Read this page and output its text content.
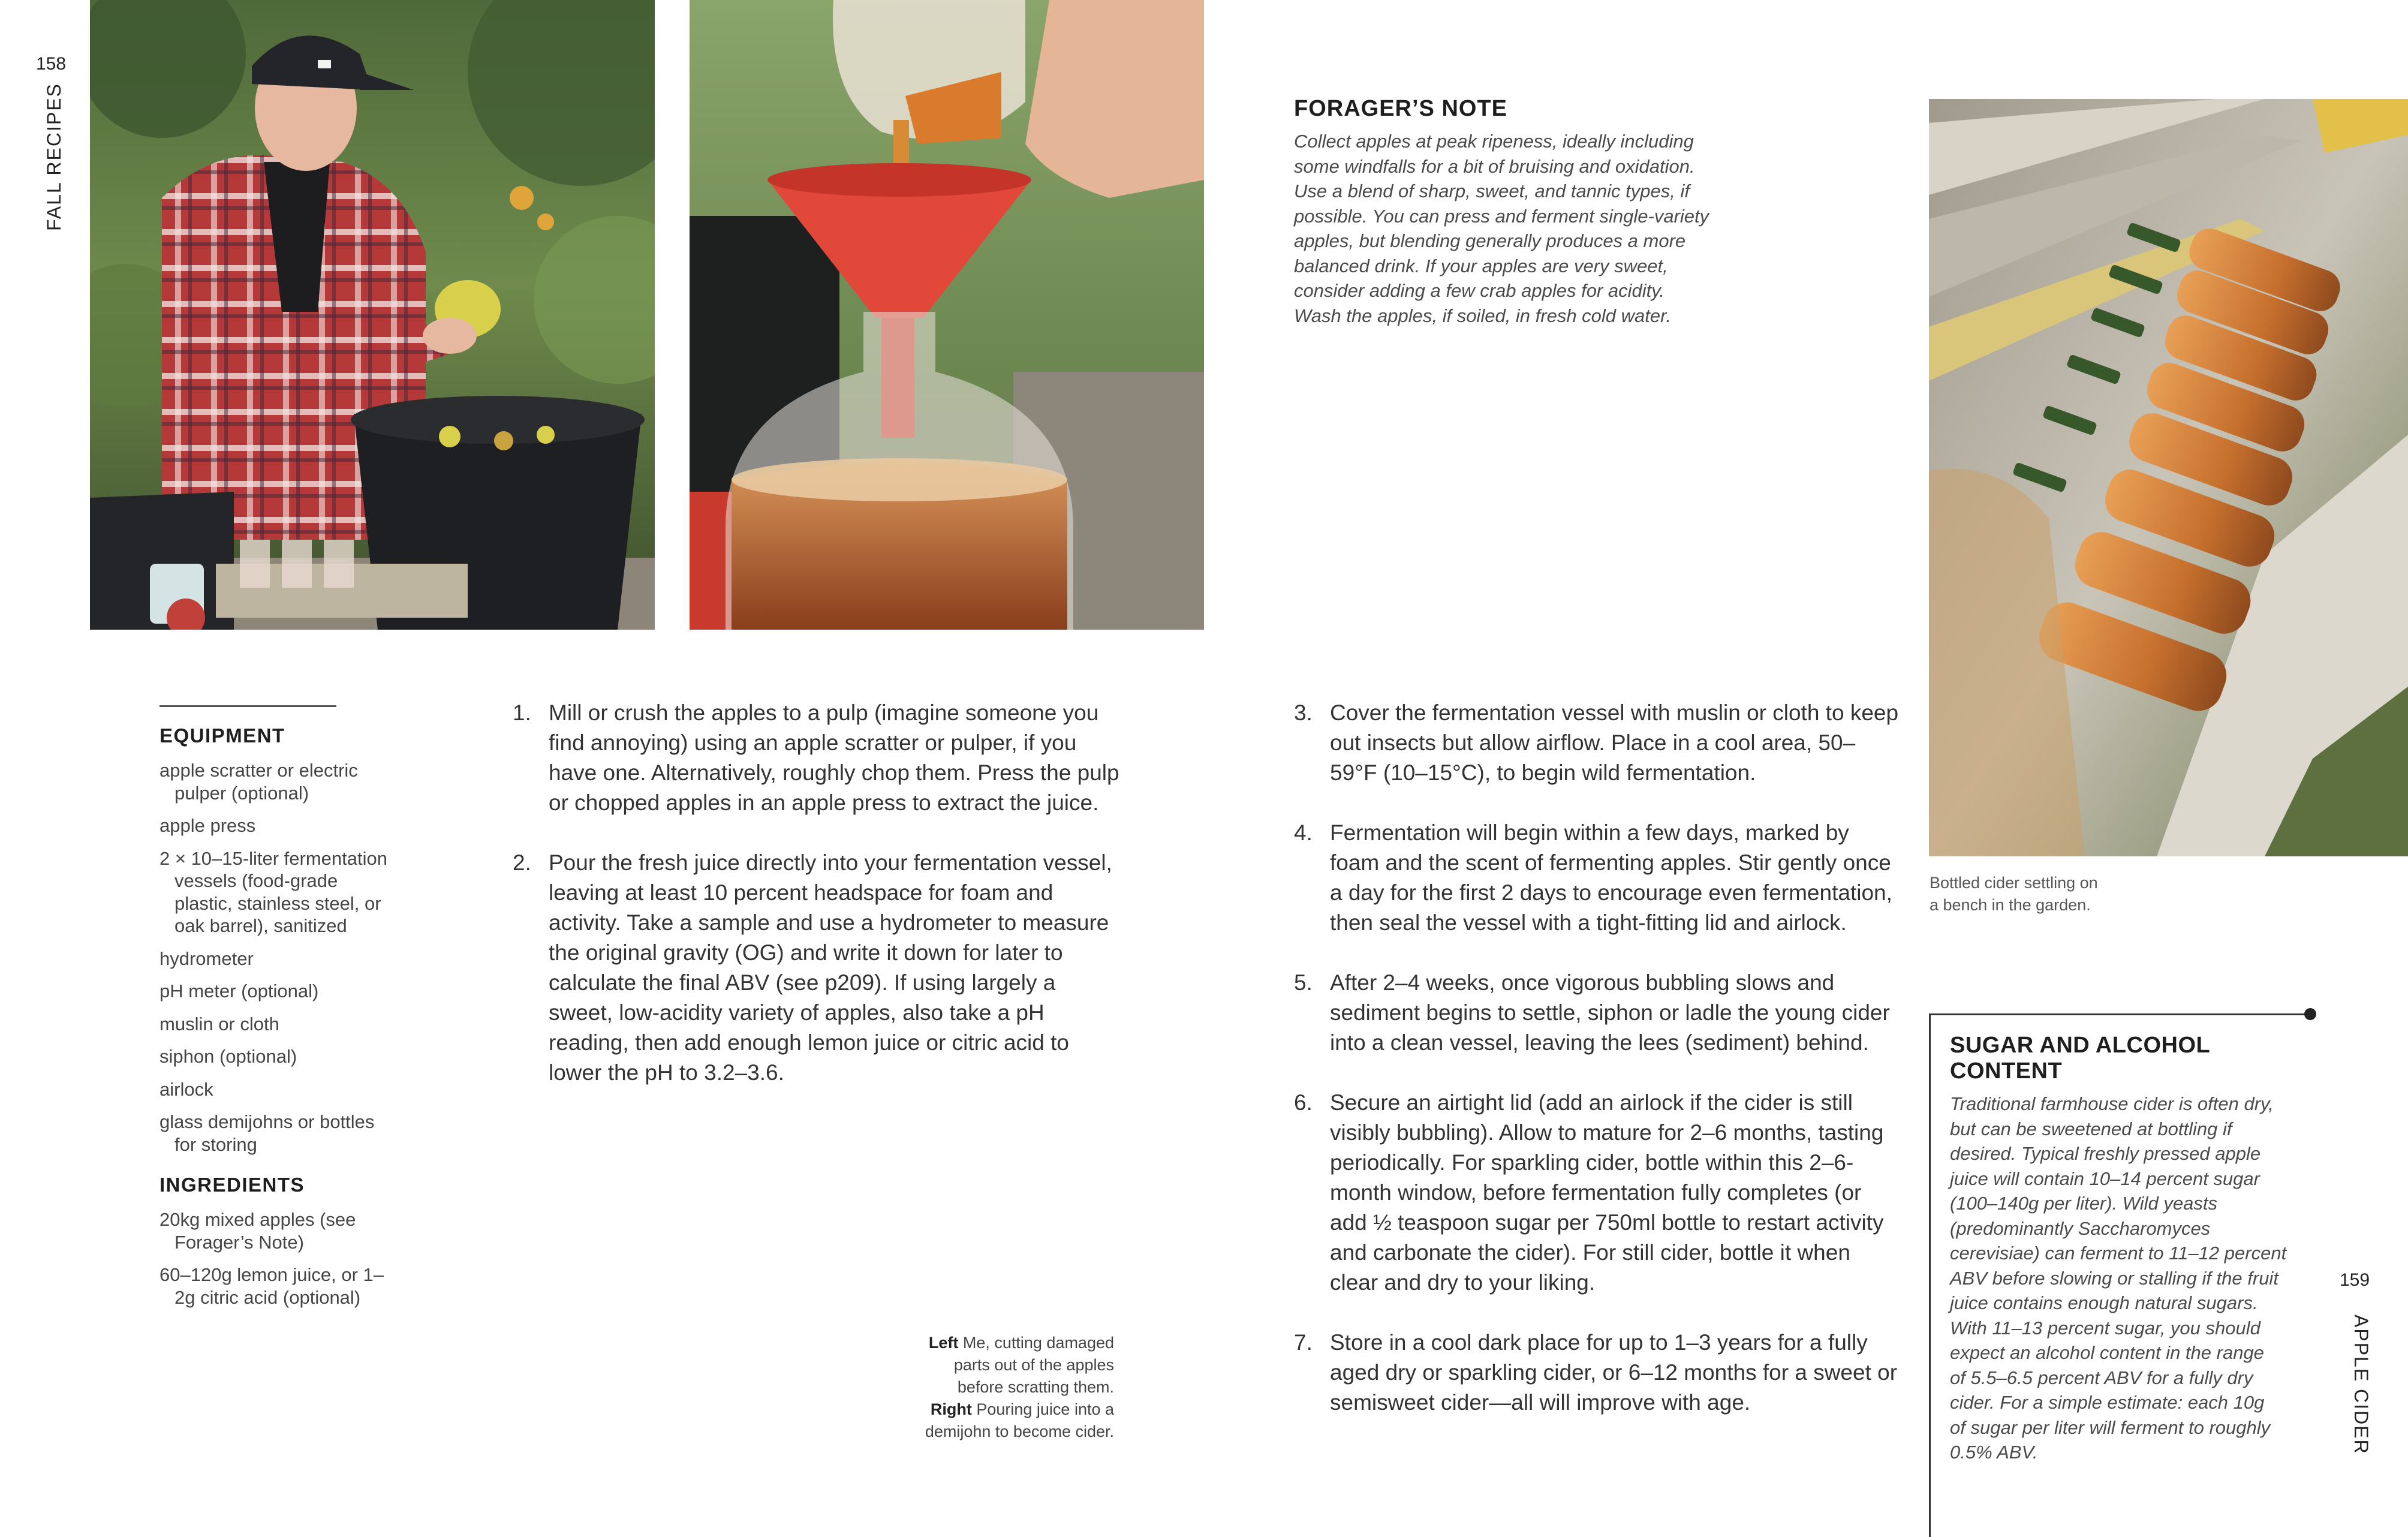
158
FALL RECIPES
EQUIPMENT
apple scratter or electric pulper (optional)
apple press
2 × 10–15-liter fermentation vessels (food-grade plastic, stainless steel, or oak barrel), sanitized
hydrometer
pH meter (optional)
muslin or cloth
siphon (optional)
airlock
glass demijohns or bottles for storing
INGREDIENTS
20kg mixed apples (see Forager’s Note)
60–120g lemon juice, or 1–2g citric acid (optional)
1. Mill or crush the apples to a pulp (imagine someone you find annoying) using an apple scratter or pulper, if you have one. Alternatively, roughly chop them. Press the pulp or chopped apples in an apple press to extract the juice.
2. Pour the fresh juice directly into your fermentation vessel, leaving at least 10 percent headspace for foam and activity. Take a sample and use a hydrometer to measure the original gravity (OG) and write it down for later to calculate the final ABV (see p209). If using largely a sweet, low-acidity variety of apples, also take a pH reading, then add enough lemon juice or citric acid to lower the pH to 3.2–3.6.
Left Me, cutting damaged
parts out of the apples
before scratting them.
Right Pouring juice into a
demijohn to become cider.
FORAGER’S NOTE
Collect apples at peak ripeness, ideally including
some windfalls for a bit of bruising and oxidation.
Use a blend of sharp, sweet, and tannic types, if
possible. You can press and ferment single-variety
apples, but blending generally produces a more
balanced drink. If your apples are very sweet,
consider adding a few crab apples for acidity.
Wash the apples, if soiled, in fresh cold water.
3. Cover the fermentation vessel with muslin or cloth to keep out insects but allow airflow. Place in a cool area, 50–59°F (10–15°C), to begin wild fermentation.
4. Fermentation will begin within a few days, marked by foam and the scent of fermenting apples. Stir gently once a day for the first 2 days to encourage even fermentation, then seal the vessel with a tight-fitting lid and airlock.
5. After 2–4 weeks, once vigorous bubbling slows and sediment begins to settle, siphon or ladle the young cider into a clean vessel, leaving the lees (sediment) behind.
6. Secure an airtight lid (add an airlock if the cider is still visibly bubbling). Allow to mature for 2–6 months, tasting periodically. For sparkling cider, bottle within this 2–6-month window, before fermentation fully completes (or add ½ teaspoon sugar per 750ml bottle to restart activity and carbonate the cider). For still cider, bottle it when clear and dry to your liking.
7. Store in a cool dark place for up to 1–3 years for a fully aged dry or sparkling cider, or 6–12 months for a sweet or semisweet cider—all will improve with age.
Bottled cider settling on
a bench in the garden.
SUGAR AND ALCOHOL CONTENT
Traditional farmhouse cider is often dry,
but can be sweetened at bottling if
desired. Typical freshly pressed apple
juice will contain 10–14 percent sugar
(100–140g per liter). Wild yeasts
(predominantly Saccharomyces
cerevisiae) can ferment to 11–12 percent
ABV before slowing or stalling if the fruit
juice contains enough natural sugars.
With 11–13 percent sugar, you should
expect an alcohol content in the range
of 5.5–6.5 percent ABV for a fully dry
cider. For a simple estimate: each 10g
of sugar per liter will ferment to roughly
0.5% ABV.
159
APPLE CIDER
